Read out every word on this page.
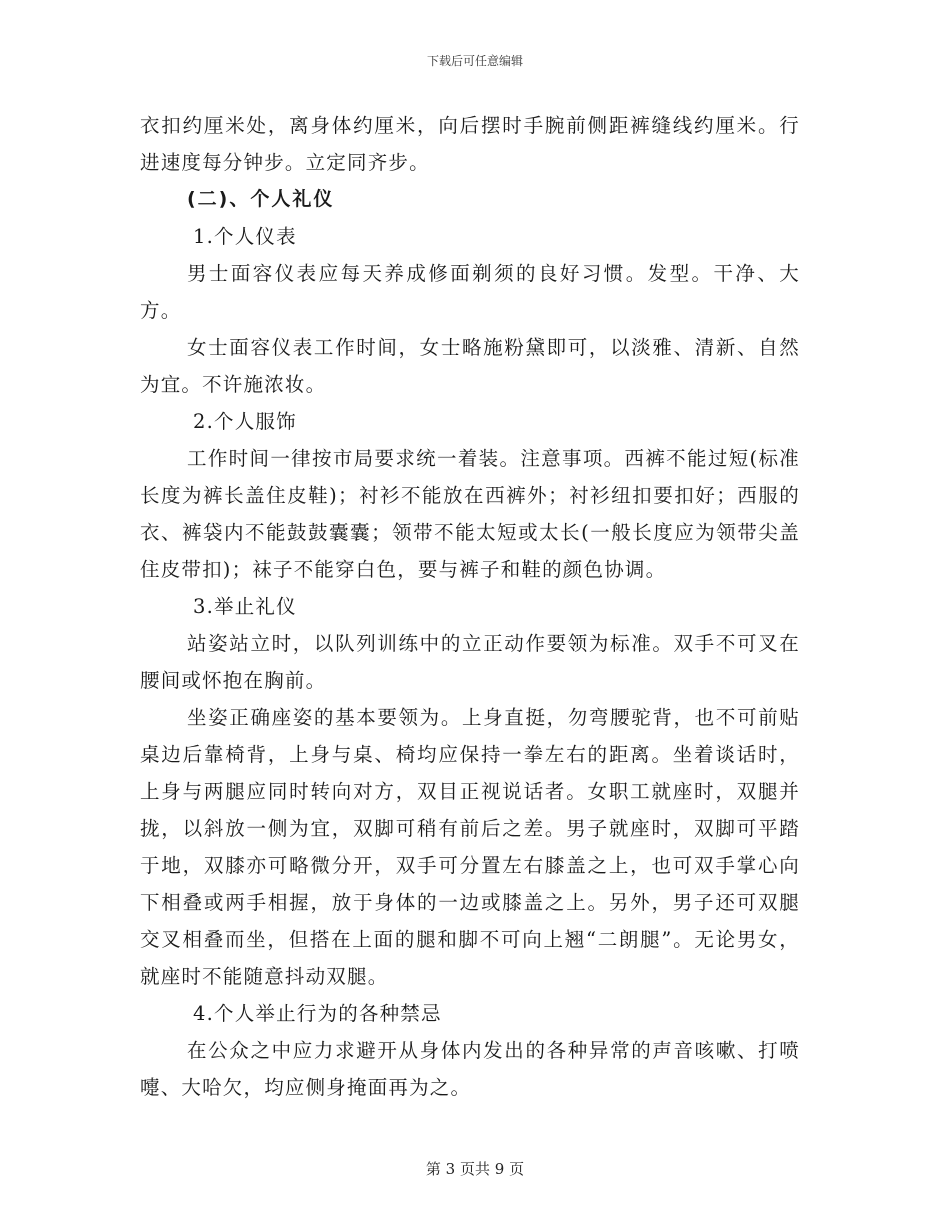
下载后可任意编辑

衣扣约厘米处，离身体约厘米，向后摆时手腕前侧距裤缝线约厘米。行进速度每分钟步。立定同齐步。

(二)、个人礼仪

1.个人仪表

男士面容仪表应每天养成修面剃须的良好习惯。发型。干净、大方。

女士面容仪表工作时间，女士略施粉黛即可，以淡雅、清新、自然为宜。不许施浓妆。

2.个人服饰

工作时间一律按市局要求统一着装。注意事项。西裤不能过短(标准长度为裤长盖住皮鞋)；衬衫不能放在西裤外；衬衫纽扣要扣好；西服的衣、裤袋内不能鼓鼓囊囊；领带不能太短或太长(一般长度应为领带尖盖住皮带扣)；袜子不能穿白色，要与裤子和鞋的颜色协调。

3.举止礼仪

站姿站立时，以队列训练中的立正动作要领为标准。双手不可叉在腰间或怀抱在胸前。

坐姿正确座姿的基本要领为。上身直挺，勿弯腰驼背，也不可前贴桌边后靠椅背，上身与桌、椅均应保持一拳左右的距离。坐着谈话时，上身与两腿应同时转向对方，双目正视说话者。女职工就座时，双腿并拢，以斜放一侧为宜，双脚可稍有前后之差。男子就座时，双脚可平踏于地，双膝亦可略微分开，双手可分置左右膝盖之上，也可双手掌心向下相叠或两手相握，放于身体的一边或膝盖之上。另外，男子还可双腿交叉相叠而坐，但搭在上面的腿和脚不可向上翘“二朗腿”。无论男女，就座时不能随意抖动双腿。

4.个人举止行为的各种禁忌

在公众之中应力求避开从身体内发出的各种异常的声音咳嗽、打喷嚏、大哈欠，均应侧身掩面再为之。

第 3 页共 9 页
